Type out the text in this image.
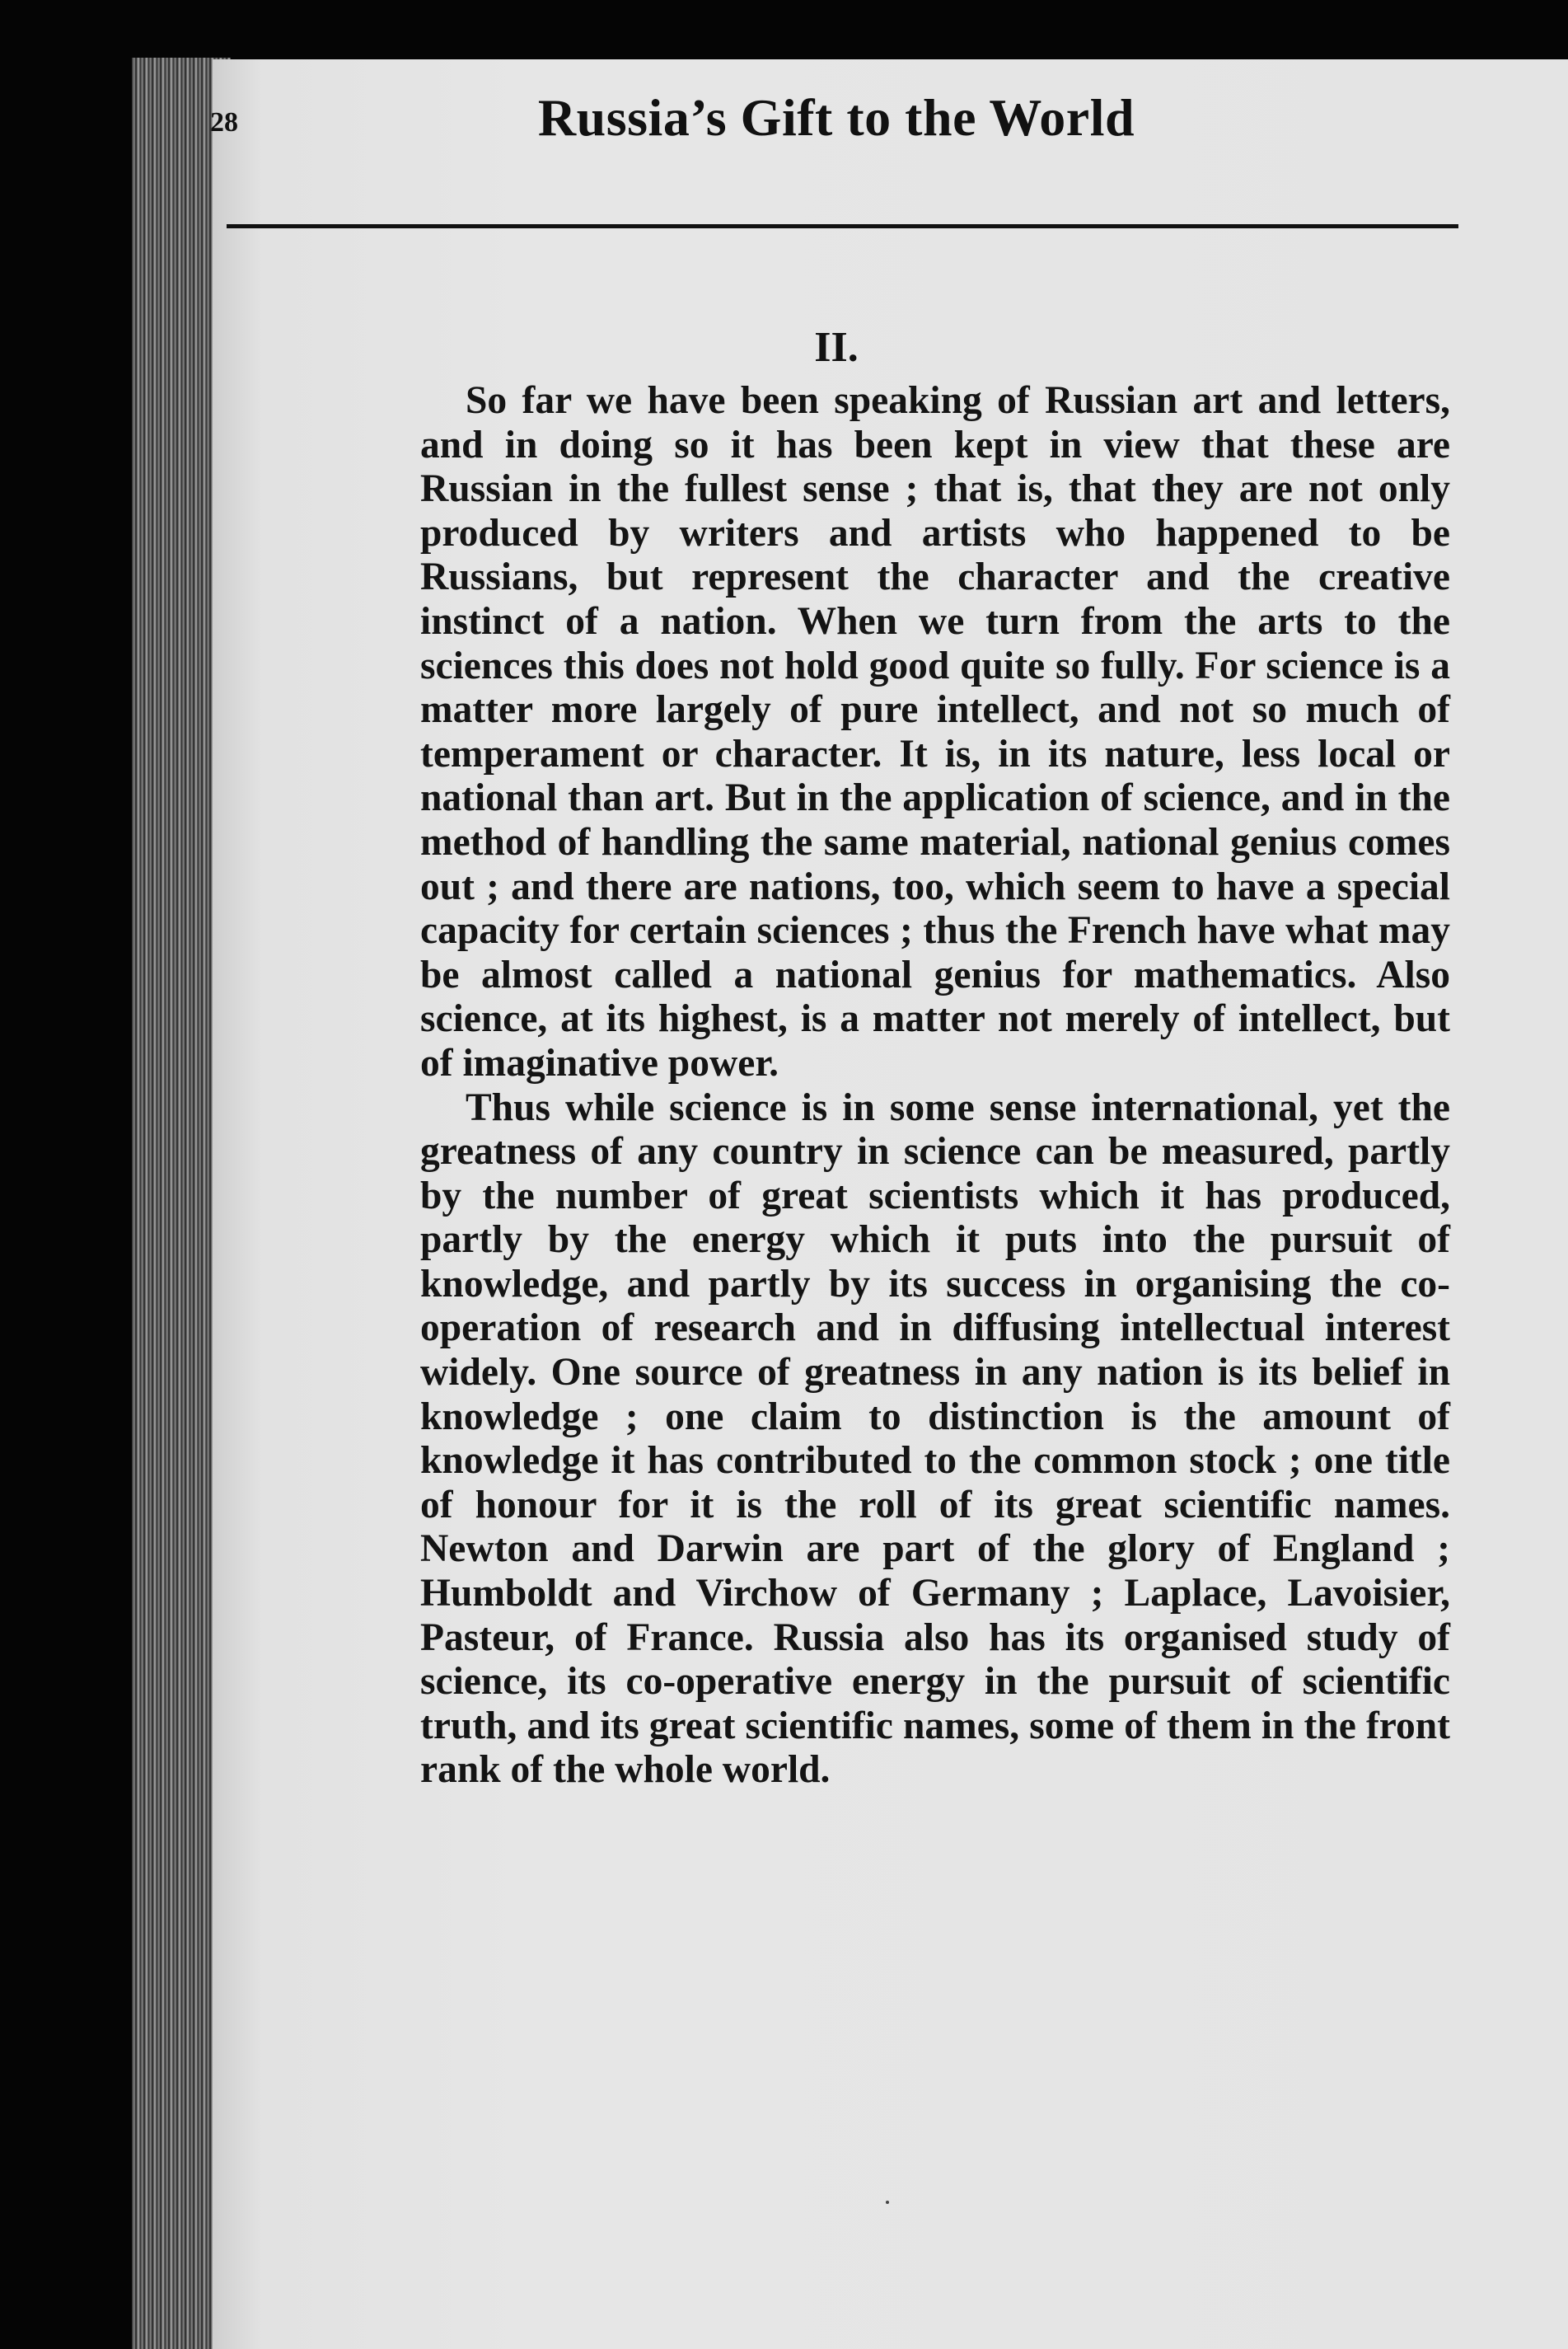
28	Russia’s Gift to the World
II.

So far we have been speaking of Russian art and letters, and in doing so it has been kept in view that these are Russian in the fullest sense ; that is, that they are not only produced by writers and artists who happened to be Russians, but represent the character and the creative instinct of a nation. When we turn from the arts to the sciences this does not hold good quite so fully. For science is a matter more largely of pure intellect, and not so much of temperament or character. It is, in its nature, less local or national than art. But in the application of science, and in the method of handling the same material, national genius comes out ; and there are nations, too, which seem to have a special capacity for certain sciences ; thus the French have what may be almost called a national genius for mathematics. Also science, at its highest, is a matter not merely of intellect, but of imaginative power.

Thus while science is in some sense international, yet the greatness of any country in science can be measured, partly by the number of great scientists which it has produced, partly by the energy which it puts into the pursuit of knowledge, and partly by its success in organising the co-operation of research and in diffusing intellectual interest widely. One source of greatness in any nation is its belief in knowledge ; one claim to distinction is the amount of knowledge it has contributed to the common stock ; one title of honour for it is the roll of its great scientific names. Newton and Darwin are part of the glory of England ; Humboldt and Virchow of Germany ; Laplace, Lavoisier, Pasteur, of France. Russia also has its organised study of science, its co-operative energy in the pursuit of scientific truth, and its great scientific names, some of them in the front rank of the whole world.
